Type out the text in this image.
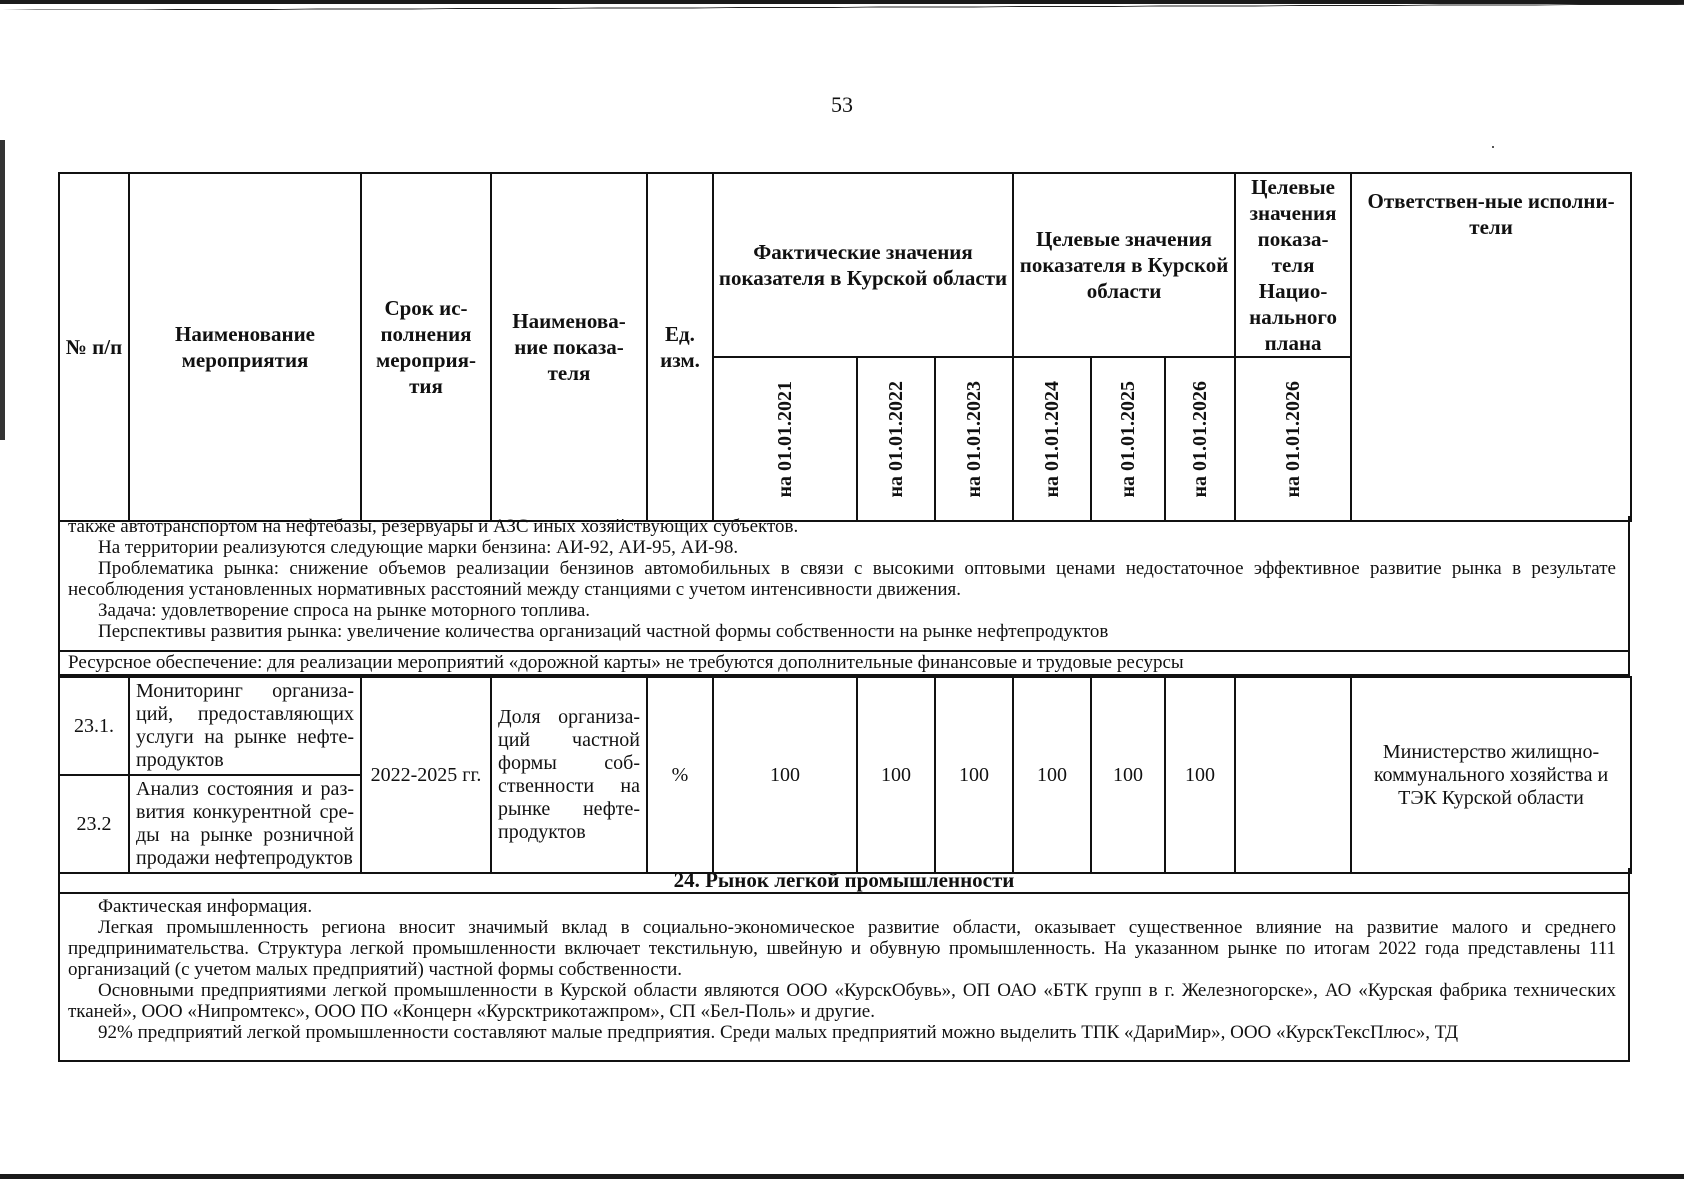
53
№ п/п	Наименование мероприятия	Срок ис-полнения мероприя-тия	Наименова-ние показа-теля	Ед. изм.	Фактические значения показателя в Курской области			Целевые значения показателя в Курской области			Целевые значения показа-теля Нацио-нального плана	Ответствен-ные исполни-тели

					на 01.01.2021	на 01.01.2022	на 01.01.2023	на 01.01.2024	на 01.01.2025	на 01.01.2026	на 01.01.2026	

также автотранспортом на нефтебазы, резервуары и АЗС иных хозяйствующих субъектов.

На территории реализуются следующие марки бензина: АИ-92, АИ-95, АИ-98.

Проблематика рынка: снижение объемов реализации бензинов автомобильных в связи с высокими оптовыми ценами недостаточное эффективное развитие рынка в результате несоблюдения установленных нормативных расстояний между станциями с учетом интенсивности движения.

Задача: удовлетворение спроса на рынке моторного топлива.

Перспективы развития рынка: увеличение количества организаций частной формы собственности на рынке нефтепродуктов

Ресурсное обеспечение: для реализации мероприятий «дорожной карты» не требуются дополнительные финансовые и трудовые ресурсы

23.1.	Мониторинг организа-ций, предоставляющих услуги на рынке нефте-продуктов	2022-2025 гг.	Доля организа-ций частной формы соб-ственности на рынке нефте-продуктов	%	100	100	100	100	100	100		Министерство жилищно-коммунального хозяйства и ТЭК Курской области
23.2	Анализ состояния и раз-вития конкурентной сре-ды на рынке розничной продажи нефтепродуктов											
24. Рынок легкой промышленности

Фактическая информация.

Легкая промышленность региона вносит значимый вклад в социально-экономическое развитие области, оказывает существенное влияние на развитие малого и среднего предпринимательства. Структура легкой промышленности включает текстильную, швейную и обувную промышленность. На указанном рынке по итогам 2022 года представлены 111 организаций (с учетом малых предприятий) частной формы собственности.

Основными предприятиями легкой промышленности в Курской области являются ООО «КурскОбувь», ОП ОАО «БТК групп в г. Железногорске», АО «Курская фабрика технических тканей», ООО «Нипромтекс», ООО ПО «Концерн «Курсктрикотажпром», СП «Бел-Поль» и другие.

92% предприятий легкой промышленности составляют малые предприятия. Среди малых предприятий можно выделить ТПК «ДариМир», ООО «КурскТексПлюс», ТД
